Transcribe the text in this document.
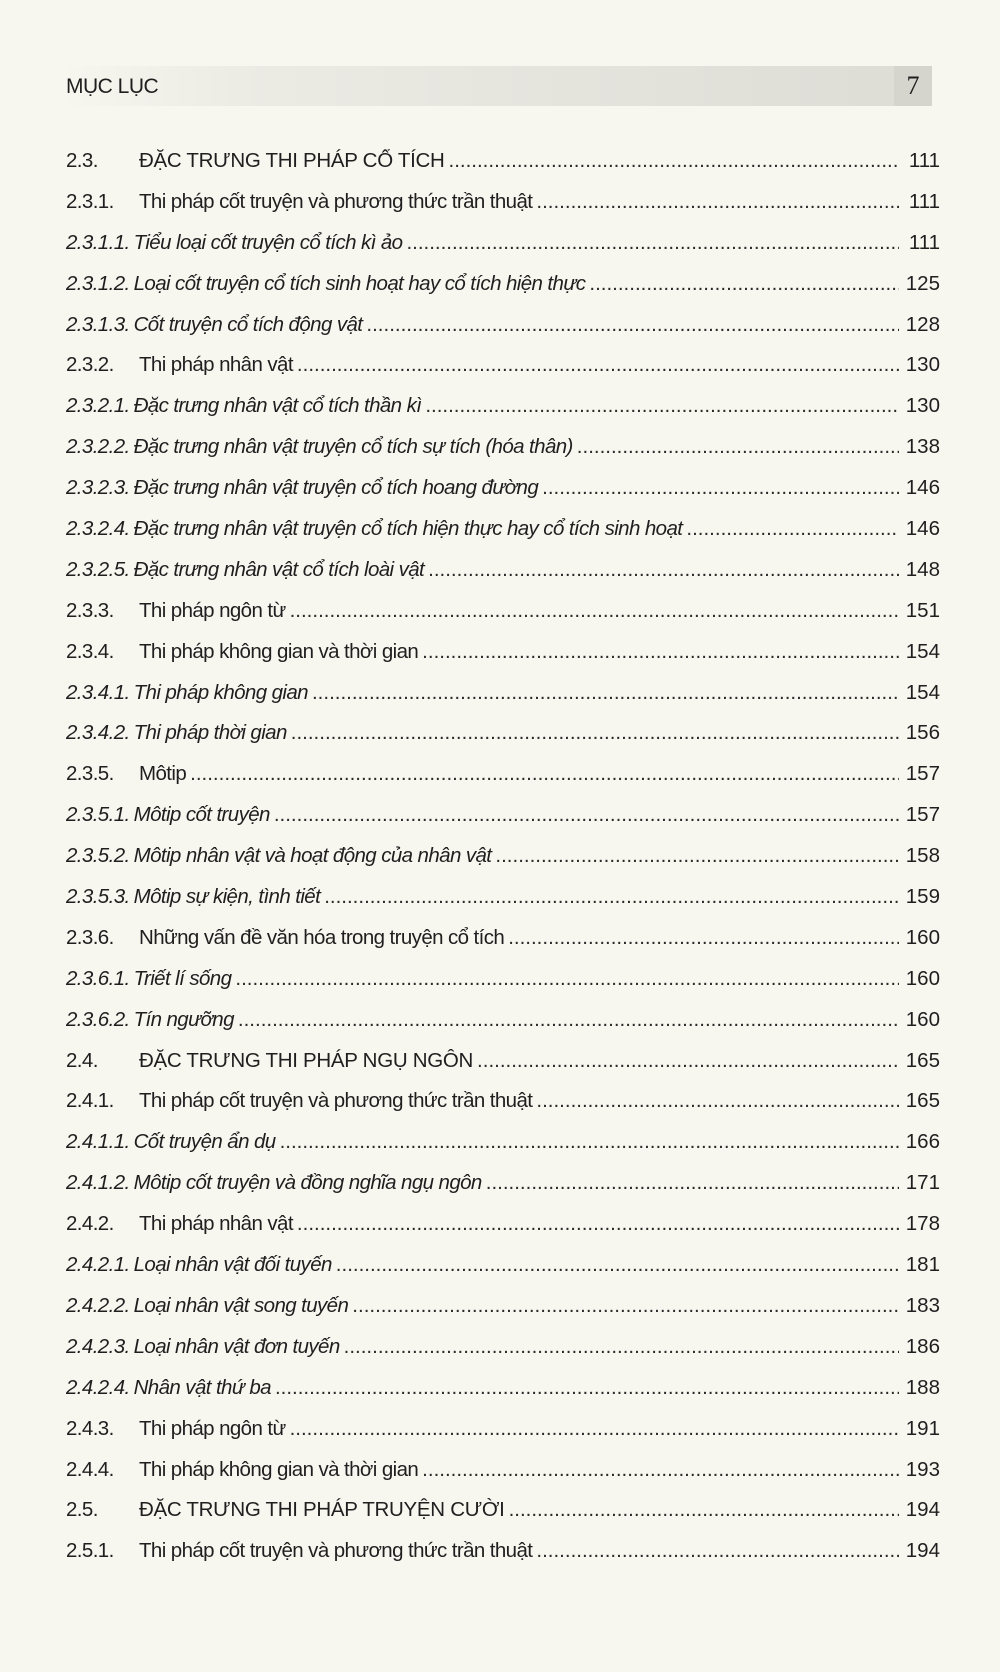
MỤC LỤC	7
2.3.	ĐẶC TRƯNG THI PHÁP CỔ TÍCH .....	111
2.3.1.	Thi pháp cốt truyện và phương thức trần thuật .....	111
2.3.1.1. Tiểu loại cốt truyện cổ tích kì ảo .....	111
2.3.1.2. Loại cốt truyện cổ tích sinh hoạt hay cổ tích hiện thực .....	125
2.3.1.3. Cốt truyện cổ tích động vật .....	128
2.3.2.	Thi pháp nhân vật .....	130
2.3.2.1. Đặc trưng nhân vật cổ tích thần kì .....	130
2.3.2.2. Đặc trưng nhân vật truyện cổ tích sự tích (hóa thân) .....	138
2.3.2.3. Đặc trưng nhân vật truyện cổ tích hoang đường .....	146
2.3.2.4. Đặc trưng nhân vật truyện cổ tích hiện thực hay cổ tích sinh hoạt .....	146
2.3.2.5. Đặc trưng nhân vật cổ tích loài vật .....	148
2.3.3.	Thi pháp ngôn từ .....	151
2.3.4.	Thi pháp không gian và thời gian .....	154
2.3.4.1. Thi pháp không gian .....	154
2.3.4.2. Thi pháp thời gian .....	156
2.3.5.	Môtip .....	157
2.3.5.1. Môtip cốt truyện .....	157
2.3.5.2. Môtip nhân vật và hoạt động của nhân vật .....	158
2.3.5.3. Môtip sự kiện, tình tiết .....	159
2.3.6.	Những vấn đề văn hóa trong truyện cổ tích .....	160
2.3.6.1. Triết lí sống .....	160
2.3.6.2. Tín ngưỡng .....	160
2.4.	ĐẶC TRƯNG THI PHÁP NGỤ NGÔN .....	165
2.4.1.	Thi pháp cốt truyện và phương thức trần thuật .....	165
2.4.1.1. Cốt truyện ẩn dụ .....	166
2.4.1.2. Môtip cốt truyện và đồng nghĩa ngụ ngôn .....	171
2.4.2.	Thi pháp nhân vật .....	178
2.4.2.1. Loại nhân vật đối tuyến .....	181
2.4.2.2. Loại nhân vật song tuyến .....	183
2.4.2.3. Loại nhân vật đơn tuyến .....	186
2.4.2.4. Nhân vật thứ ba .....	188
2.4.3.	Thi pháp ngôn từ .....	191
2.4.4.	Thi pháp không gian và thời gian .....	193
2.5.	ĐẶC TRƯNG THI PHÁP TRUYỆN CƯỜI .....	194
2.5.1.	Thi pháp cốt truyện và phương thức trần thuật .....	194
